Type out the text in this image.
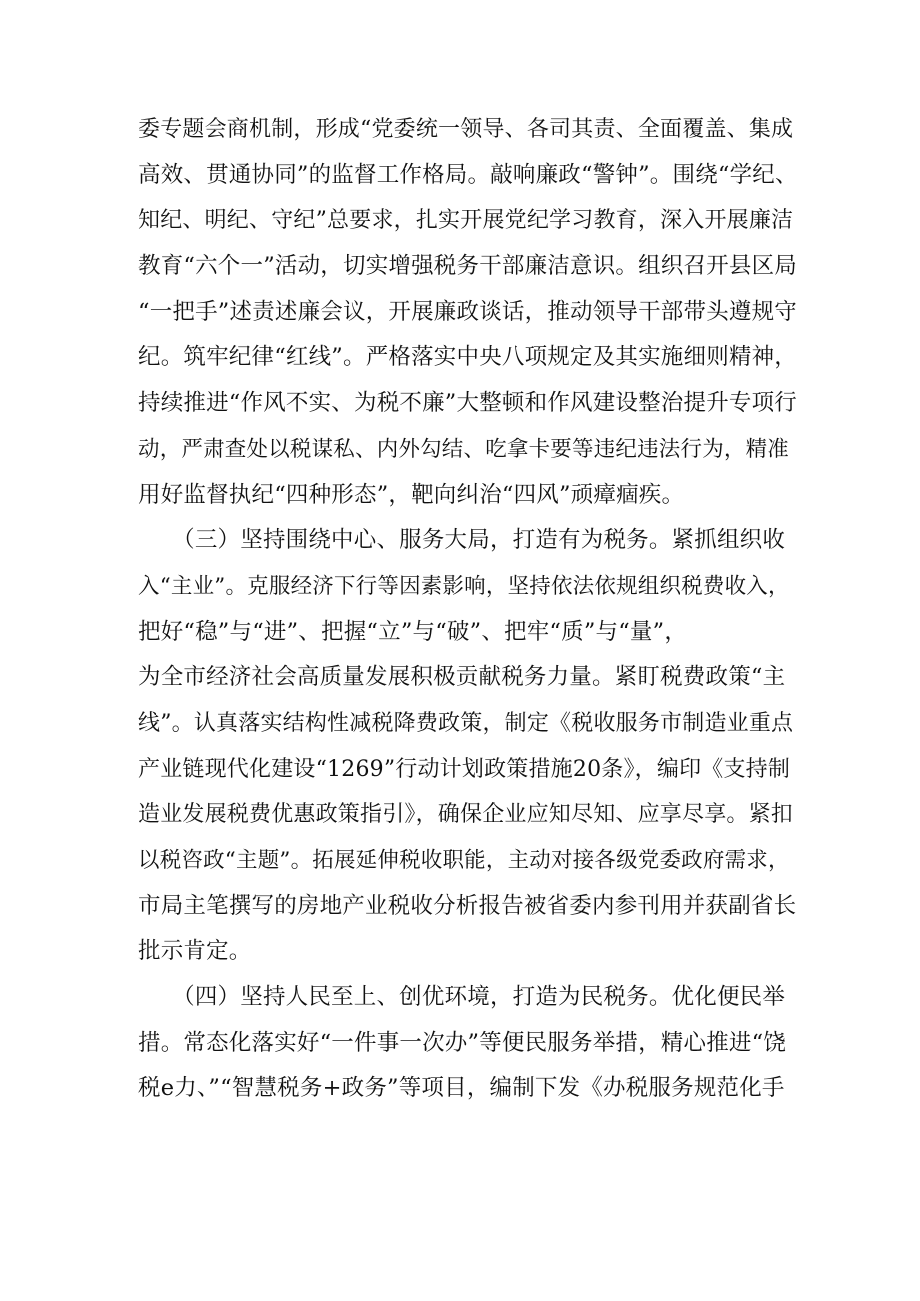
委专题会商机制，形成“党委统一领导、各司其责、全面覆盖、集成
高效、贯通协同”的监督工作格局。敲响廉政“警钟”。围绕“学纪、
知纪、明纪、守纪”总要求，扎实开展党纪学习教育，深入开展廉洁
教育“六个一”活动，切实增强税务干部廉洁意识。组织召开县区局
“一把手”述责述廉会议，开展廉政谈话，推动领导干部带头遵规守
纪。筑牢纪律“红线”。严格落实中央八项规定及其实施细则精神，
持续推进“作风不实、为税不廉”大整顿和作风建设整治提升专项行
动，严肃查处以税谋私、内外勾结、吃拿卡要等违纪违法行为，精准
用好监督执纪“四种形态”，靶向纠治“四风”顽瘴痼疾。
　　（三）坚持围绕中心、服务大局，打造有为税务。紧抓组织收
入“主业”。克服经济下行等因素影响，坚持依法依规组织税费收入，
把好“稳”与“进”、把握“立”与“破”、把牢“质”与“量”，
为全市经济社会高质量发展积极贡献税务力量。紧盯税费政策“主
线”。认真落实结构性减税降费政策，制定《税收服务市制造业重点
产业链现代化建设“1269”行动计划政策措施20条》，编印《支持制
造业发展税费优惠政策指引》，确保企业应知尽知、应享尽享。紧扣
以税咨政“主题”。拓展延伸税收职能，主动对接各级党委政府需求，
市局主笔撰写的房地产业税收分析报告被省委内参刊用并获副省长
批示肯定。
　　（四）坚持人民至上、创优环境，打造为民税务。优化便民举
措。常态化落实好“一件事一次办”等便民服务举措，精心推进“饶
税e力、”“智慧税务+政务”等项目，编制下发《办税服务规范化手
